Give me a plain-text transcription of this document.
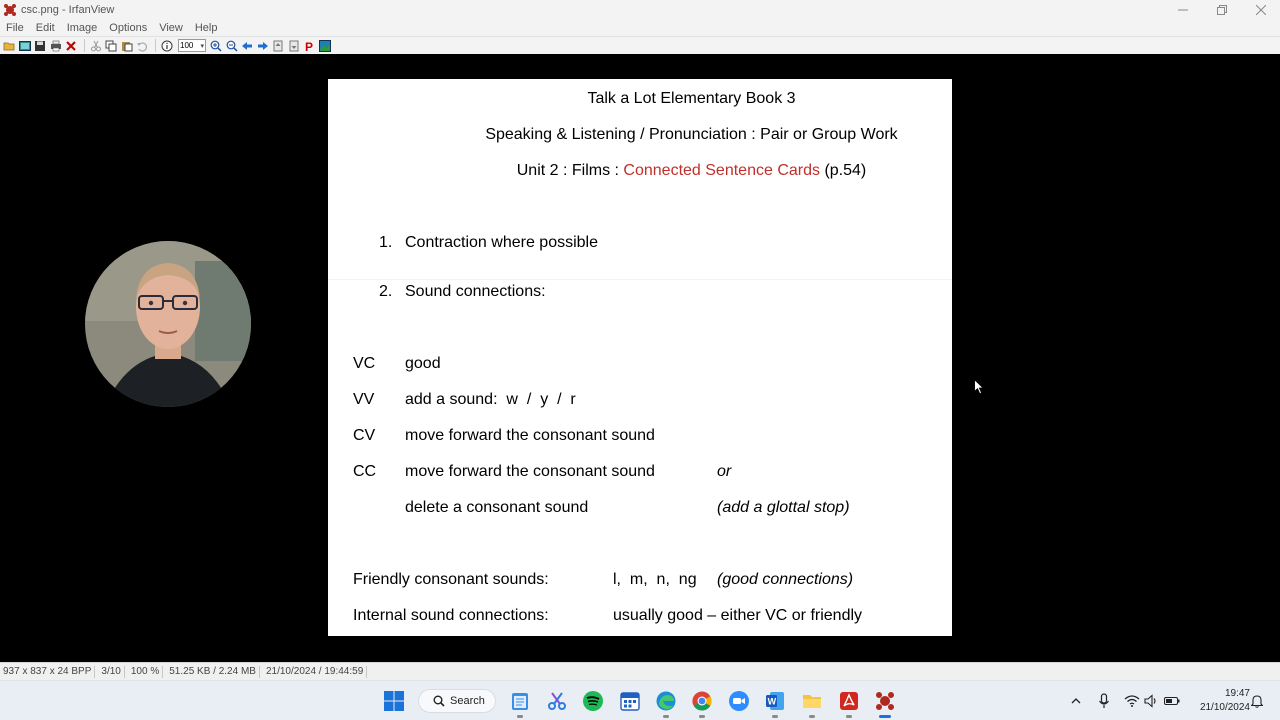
csc.png - IrfanView
File	Edit	Image	Options	View	Help
100 ▾	P
Talk a Lot Elementary Book 3
Speaking & Listening / Pronunciation : Pair or Group Work
Unit 2 : Films : Connected Sentence Cards (p.54)
1. Contraction where possible
2. Sound connections:
VC good
VV add a sound:  w  /  y  /  r
CV move forward the consonant sound
CC move forward the consonant sound	or
delete a consonant sound	(add a glottal stop)
Friendly consonant sounds:	l,  m,  n,  ng (good connections)
Internal sound connections:	usually good – either VC or friendly
937 x 837 x 24 BPP	3/10	100 %	51.25 KB / 2.24 MB	21/10/2024 / 19:44:59
Search	W
19:47
21/10/2024
